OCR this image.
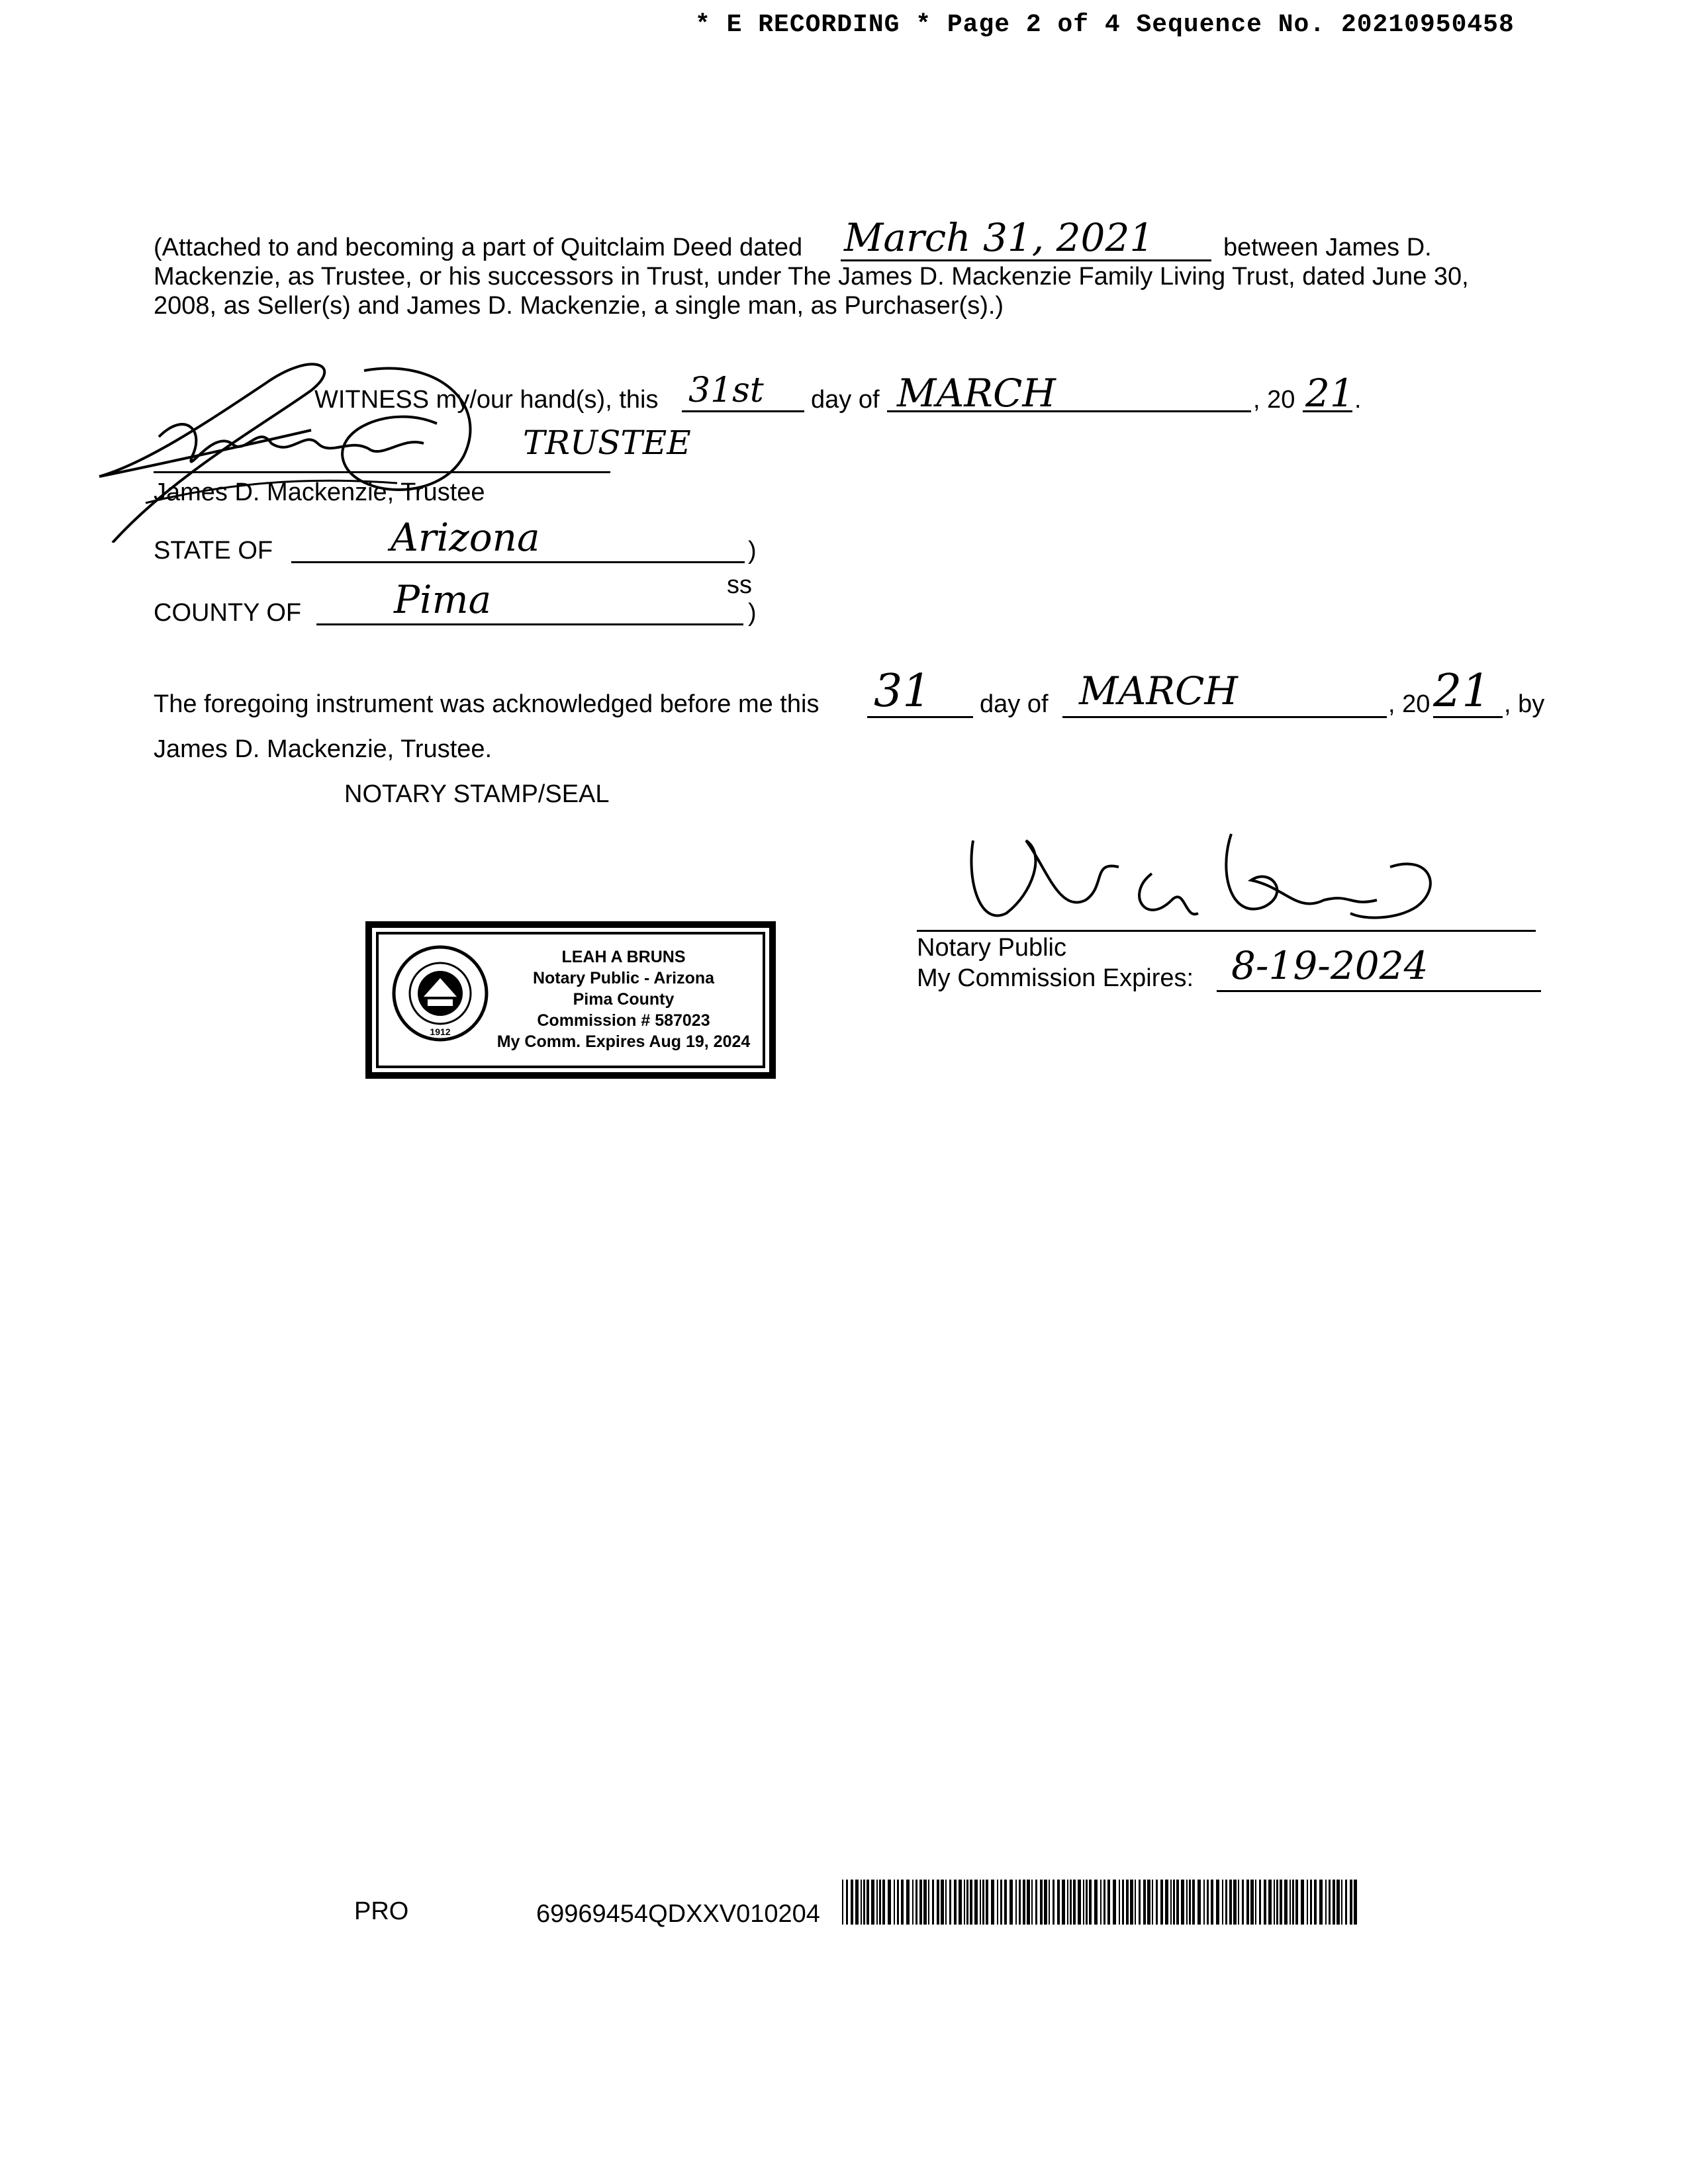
* E RECORDING * Page 2 of 4 Sequence No. 20210950458
(Attached to and becoming a part of Quitclaim Deed dated March 31, 2021	between James D.
Mackenzie, as Trustee, or his successors in Trust, under The James D. Mackenzie Family Living Trust, dated June 30,
2008, as Seller(s) and James D. Mackenzie, a single man, as Purchaser(s).)
WITNESS my/our hand(s), this 31st day of MARCH	, 20 21 .
TRUSTEE
James D. Mackenzie, Trustee
STATE OF	Arizona	)
ss
COUNTY OF Pima	)
The foregoing instrument was acknowledged before me this 31 day of MARCH	, 20 21 , by
James D. Mackenzie, Trustee.
NOTARY STAMP/SEAL
1912
LEAH A BRUNS
Notary Public - Arizona
Pima County
Commission # 587023
My Comm. Expires Aug 19, 2024
Notary Public
My Commission Expires: 8-19-2024
PRO	69969454QDXXV010204
